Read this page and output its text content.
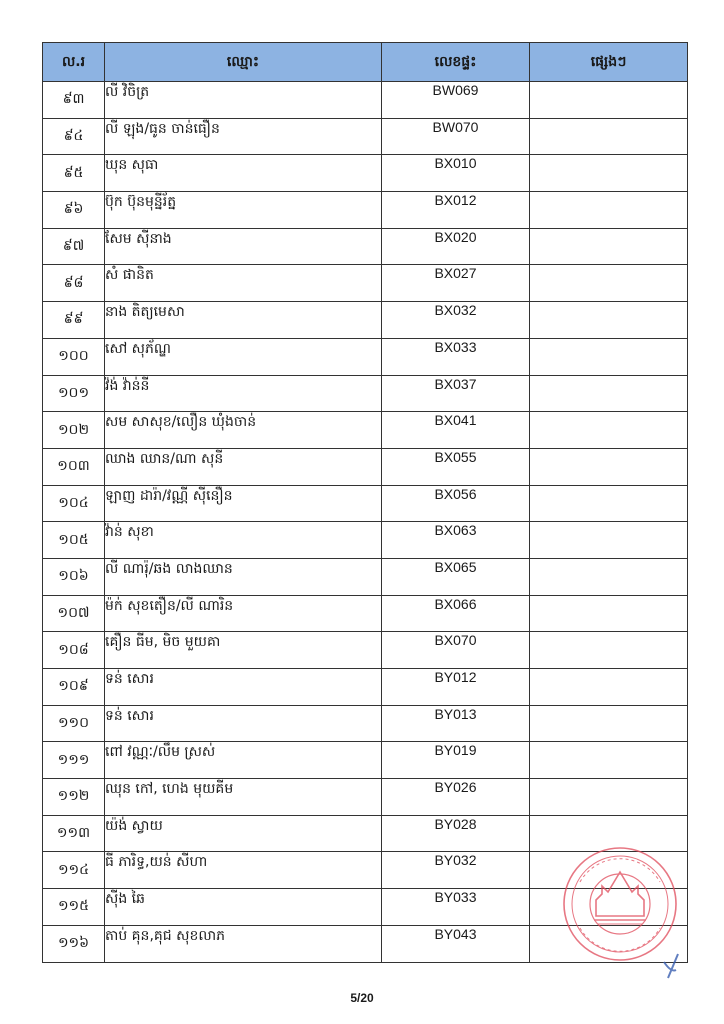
ល.រ	ឈ្មោះ	លេខផ្ទះ	ផ្សេងៗ
៩៣	លី វិចិត្រ	BW069	
៩៤	លី ឡុង/ធូន ចាន់ធឿន	BW070	
៩៥	ឃុន សុធា	BX010	
៩៦	ប៊ុក ប៊ុនមុន្នីរ័ត្ន	BX012	
៩៧	សែម ស៊ីនាង	BX020	
៩៨	សំ ផានិត	BX027	
៩៩	នាង តិត្យមេសា	BX032	
១០០	សៅ សុភ័ណ្ឌ	BX033	
១០១	វ៉ង់ វ៉ាន់នី	BX037	
១០២	សម សាសុខ/លឿន ឃុំងចាន់	BX041	
១០៣	ឈាង ឈាន/ណា សុនី	BX055	
១០៤	ឡាញ ដារ៉ា/វណ្ណី ស៊ីនឿន	BX056	
១០៥	វ៉ាន់ សុខា	BX063	
១០៦	លី ណារ៉ុ/ឆង លាងឈាន	BX065	
១០៧	ម៉ក់ សុខតឿន/លី ណារិន	BX066	
១០៨	គឿន ធីម, មិច មួយគា	BX070	
១០៩	ទន់ សោរ	BY012	
១១០	ទន់ សោរ	BY013	
១១១	ពៅ វណ្ណៈ/លឹម ស្រស់	BY019	
១១២	ឈុន កៅ, ហេង មុយគីម	BY026	
១១៣	យ៉ង់ ស្វាយ	BY028	
១១៤	ធី ភារិទ្ធ,យន់ សីហា	BY032	
១១៥	ស៊ីង ឆៃ	BY033	
១១៦	តាប់ គុន,គុជ សុខលាភ	BY043	
5/20
